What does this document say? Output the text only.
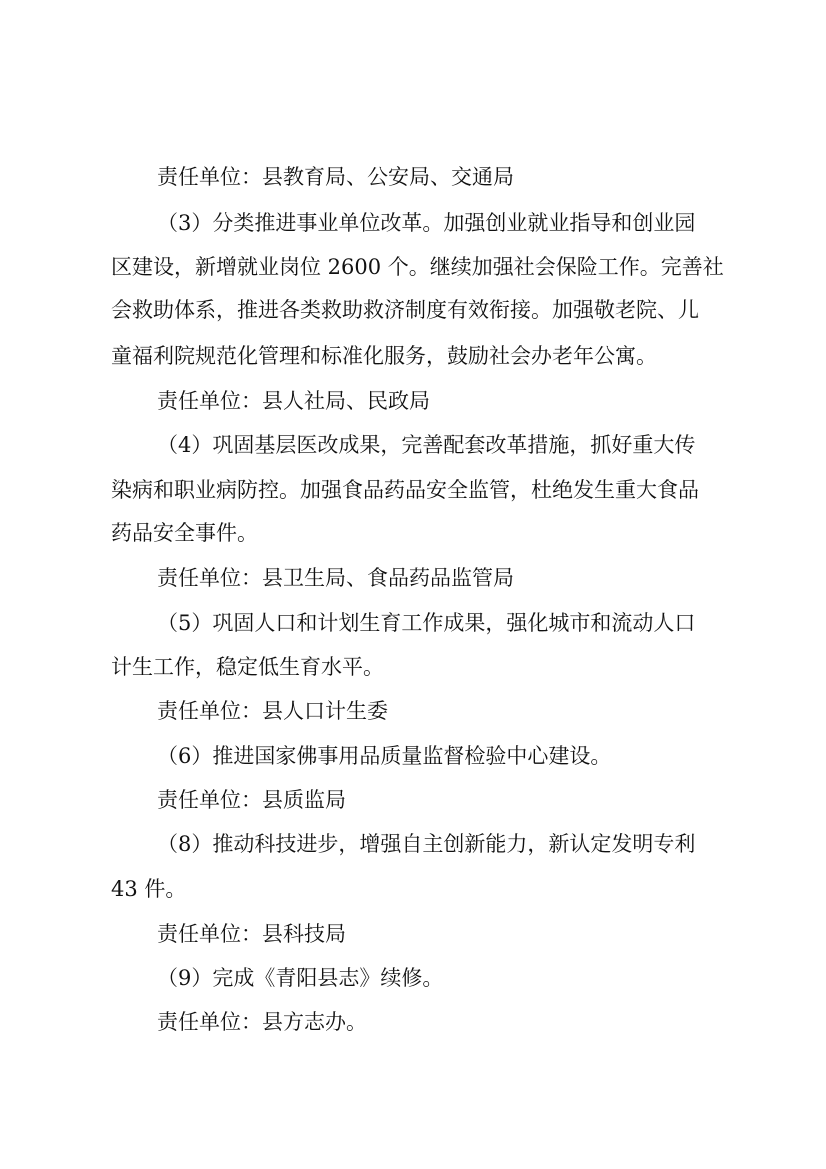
责任单位：县教育局、公安局、交通局
（3）分类推进事业单位改革。加强创业就业指导和创业园
区建设，新增就业岗位 2600 个。继续加强社会保险工作。完善社
会救助体系，推进各类救助救济制度有效衔接。加强敬老院、儿
童福利院规范化管理和标准化服务，鼓励社会办老年公寓。
责任单位：县人社局、民政局
（4）巩固基层医改成果，完善配套改革措施，抓好重大传
染病和职业病防控。加强食品药品安全监管，杜绝发生重大食品
药品安全事件。
责任单位：县卫生局、食品药品监管局
（5）巩固人口和计划生育工作成果，强化城市和流动人口
计生工作，稳定低生育水平。
责任单位：县人口计生委
（6）推进国家佛事用品质量监督检验中心建设。
责任单位：县质监局
（8）推动科技进步，增强自主创新能力，新认定发明专利
43 件。
责任单位：县科技局
（9）完成《青阳县志》续修。
责任单位：县方志办。
